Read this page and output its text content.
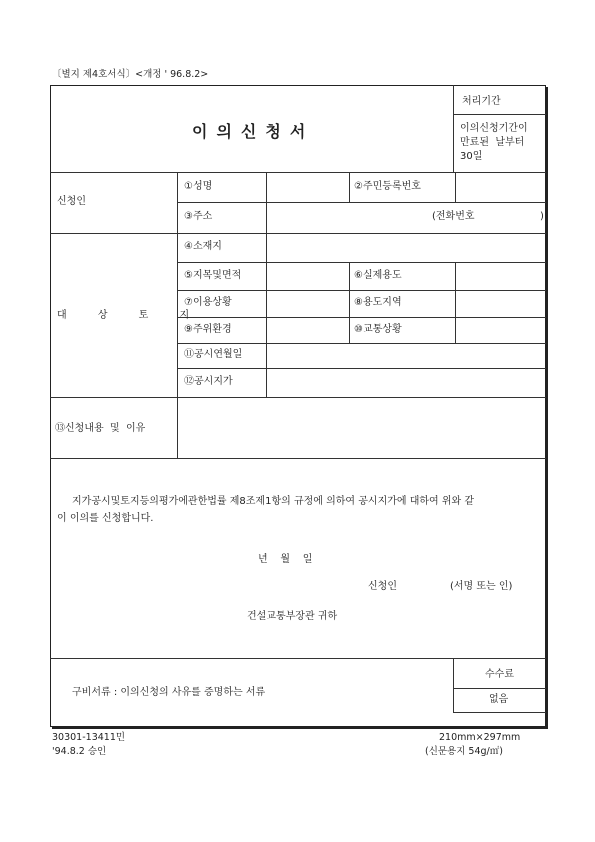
〔별지 제4호서식〕<개정 ' 96.8.2>
이의신청서
처리기간
이의신청기간이
만료된  날부터
30일
신청인
①성명	②주민등록번호
③주소	(전화번호	)
대 상 토 지
④소재지
⑤지목및면적	⑥실제용도
⑦이용상황	⑧용도지역
⑨주위환경	⑩교통상황
⑪공시연월일
⑫공시지가
⑬신청내용  및  이유
지가공시및토지등의평가에관한법률 제8조제1항의 규정에 의하여 공시지가에 대하여 위와 같
이 이의를 신청합니다.
년    월    일
신청인	(서명 또는 인)
건설교통부장관 귀하
구비서류 : 이의신청의 사유를 증명하는 서류
수수료
없음
30301-13411민
'94.8.2 승인
210mm×297mm
(신문용지 54g/㎡)
